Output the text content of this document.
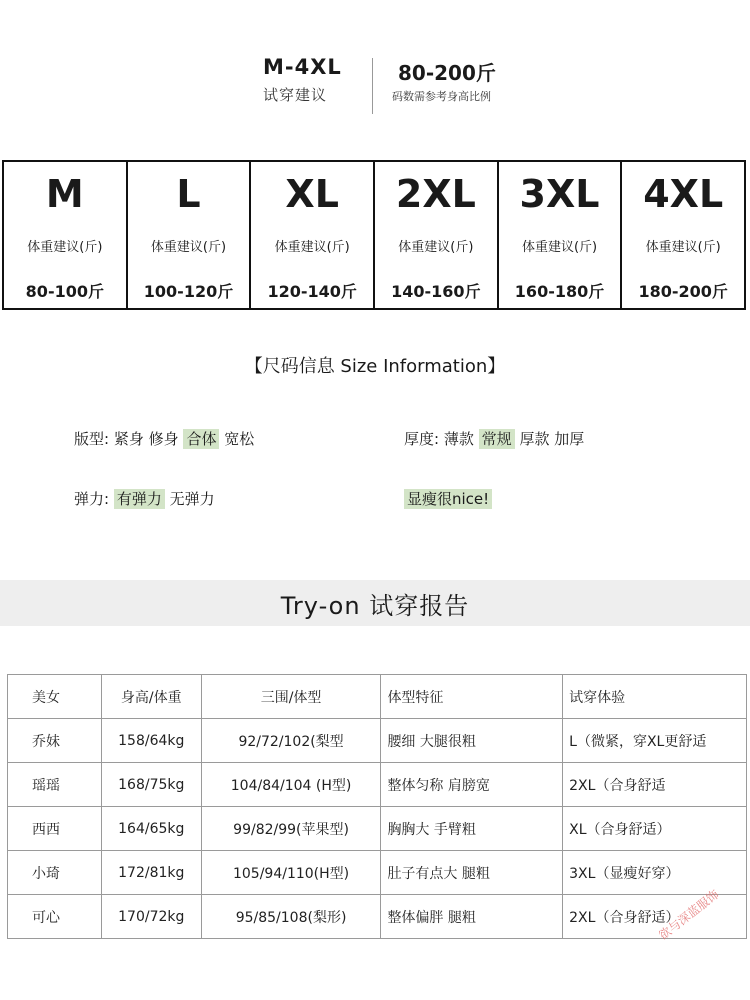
M-4XL
试穿建议
80-200斤
码数需参考身高比例
M
体重建议(斤)
80-100斤
L
体重建议(斤)
100-120斤
XL
体重建议(斤)
120-140斤
2XL
体重建议(斤)
140-160斤
3XL
体重建议(斤)
160-180斤
4XL
体重建议(斤)
180-200斤
【尺码信息 Size Information】
版型: 紧身 修身 合体 宽松	厚度: 薄款 常规 厚款 加厚
弹力: 有弹力 无弹力	显瘦很nice!
Try-on 试穿报告
美女	身高/体重	三围/体型	体型特征	试穿体验
乔妹	158/64kg	92/72/102(梨型	腰细 大腿很粗	L（微紧，穿XL更舒适
瑶瑶	168/75kg	104/84/104 (H型)	整体匀称 肩膀宽	2XL（合身舒适
西西	164/65kg	99/82/99(苹果型)	胸胸大 手臂粗	XL（合身舒适）
小琦	172/81kg	105/94/110(H型)	肚子有点大 腿粗	3XL（显瘦好穿）
可心	170/72kg	95/85/108(梨形)	整体偏胖 腿粗	2XL（合身舒适）
欲与深蓝服饰
